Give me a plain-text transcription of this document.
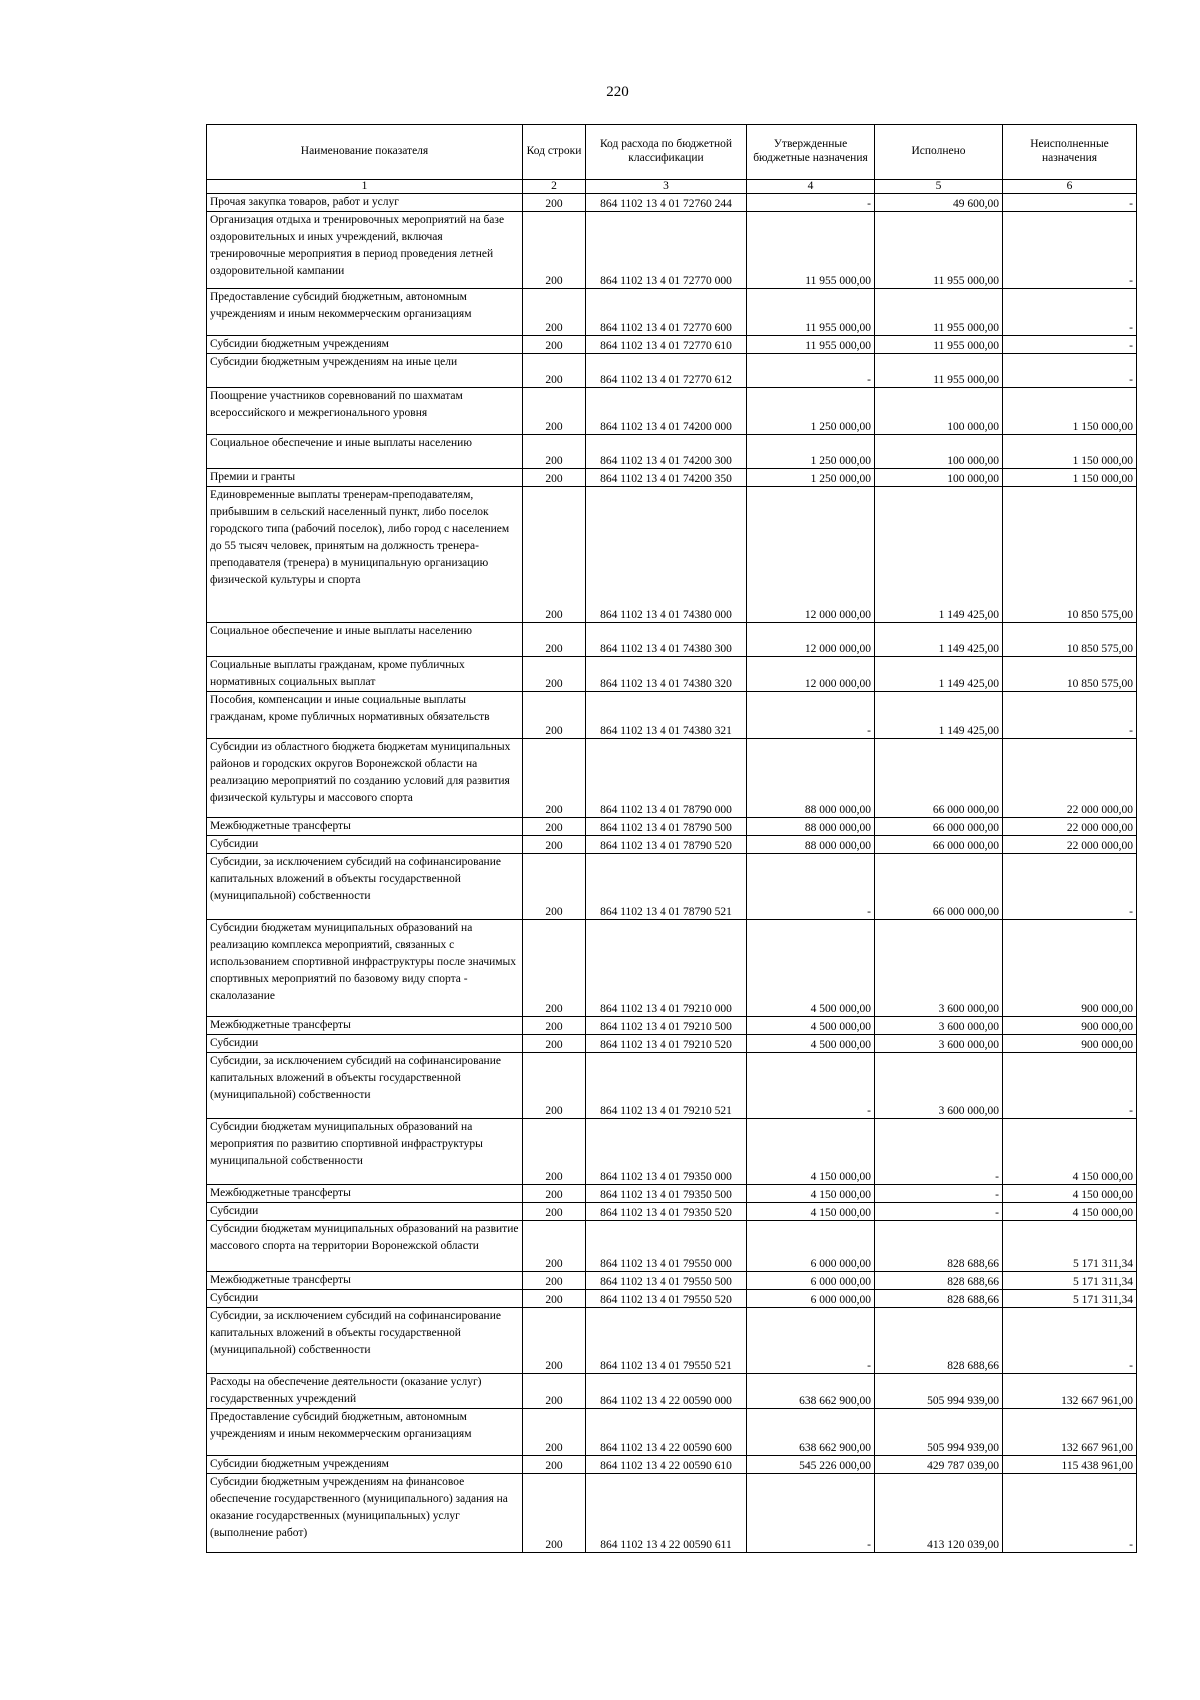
220
Наименование показателя	Код строки	Код расхода по бюджетной классификации	Утвержденные бюджетные назначения	Исполнено	Неисполненные назначения
1	2	3	4	5	6
Прочая закупка товаров, работ и услуг	200	864 1102 13 4 01 72760 244	-	49 600,00	-
Организация отдыха и тренировочных мероприятий на базе оздоровительных и иных учреждений, включая тренировочные мероприятия в период проведения летней оздоровительной кампании	200	864 1102 13 4 01 72770 000	11 955 000,00	11 955 000,00	-
Предоставление субсидий бюджетным, автономным учреждениям и иным некоммерческим организациям	200	864 1102 13 4 01 72770 600	11 955 000,00	11 955 000,00	-
Субсидии бюджетным учреждениям	200	864 1102 13 4 01 72770 610	11 955 000,00	11 955 000,00	-
Субсидии бюджетным учреждениям на иные цели	200	864 1102 13 4 01 72770 612	-	11 955 000,00	-
Поощрение участников соревнований по шахматам всероссийского и межрегионального уровня	200	864 1102 13 4 01 74200 000	1 250 000,00	100 000,00	1 150 000,00
Социальное обеспечение и иные выплаты населению	200	864 1102 13 4 01 74200 300	1 250 000,00	100 000,00	1 150 000,00
Премии и гранты	200	864 1102 13 4 01 74200 350	1 250 000,00	100 000,00	1 150 000,00
Единовременные выплаты тренерам-преподавателям, прибывшим в сельский населенный пункт, либо поселок городского типа (рабочий поселок), либо город с населением до 55 тысяч человек, принятым на должность тренера-преподавателя (тренера) в муниципальную организацию физической культуры и спорта	200	864 1102 13 4 01 74380 000	12 000 000,00	1 149 425,00	10 850 575,00
Социальное обеспечение и иные выплаты населению	200	864 1102 13 4 01 74380 300	12 000 000,00	1 149 425,00	10 850 575,00
Социальные выплаты гражданам, кроме публичных нормативных социальных выплат	200	864 1102 13 4 01 74380 320	12 000 000,00	1 149 425,00	10 850 575,00
Пособия, компенсации и иные социальные выплаты гражданам, кроме публичных нормативных обязательств	200	864 1102 13 4 01 74380 321	-	1 149 425,00	-
Субсидии из областного бюджета бюджетам муниципальных районов и городских округов Воронежской области на реализацию мероприятий по созданию условий для развития физической культуры и массового спорта	200	864 1102 13 4 01 78790 000	88 000 000,00	66 000 000,00	22 000 000,00
Межбюджетные трансферты	200	864 1102 13 4 01 78790 500	88 000 000,00	66 000 000,00	22 000 000,00
Субсидии	200	864 1102 13 4 01 78790 520	88 000 000,00	66 000 000,00	22 000 000,00
Субсидии, за исключением субсидий на софинансирование капитальных вложений в объекты государственной (муниципальной) собственности	200	864 1102 13 4 01 78790 521	-	66 000 000,00	-
Субсидии бюджетам муниципальных образований на реализацию комплекса мероприятий, связанных с использованием спортивной инфраструктуры после значимых спортивных мероприятий по базовому виду спорта - скалолазание	200	864 1102 13 4 01 79210 000	4 500 000,00	3 600 000,00	900 000,00
Межбюджетные трансферты	200	864 1102 13 4 01 79210 500	4 500 000,00	3 600 000,00	900 000,00
Субсидии	200	864 1102 13 4 01 79210 520	4 500 000,00	3 600 000,00	900 000,00
Субсидии, за исключением субсидий на софинансирование капитальных вложений в объекты государственной (муниципальной) собственности	200	864 1102 13 4 01 79210 521	-	3 600 000,00	-
Субсидии бюджетам муниципальных образований на мероприятия по развитию спортивной инфраструктуры муниципальной собственности	200	864 1102 13 4 01 79350 000	4 150 000,00	-	4 150 000,00
Межбюджетные трансферты	200	864 1102 13 4 01 79350 500	4 150 000,00	-	4 150 000,00
Субсидии	200	864 1102 13 4 01 79350 520	4 150 000,00	-	4 150 000,00
Субсидии бюджетам муниципальных образований на развитие массового спорта на территории Воронежской области	200	864 1102 13 4 01 79550 000	6 000 000,00	828 688,66	5 171 311,34
Межбюджетные трансферты	200	864 1102 13 4 01 79550 500	6 000 000,00	828 688,66	5 171 311,34
Субсидии	200	864 1102 13 4 01 79550 520	6 000 000,00	828 688,66	5 171 311,34
Субсидии, за исключением субсидий на софинансирование капитальных вложений в объекты государственной (муниципальной) собственности	200	864 1102 13 4 01 79550 521	-	828 688,66	-
Расходы на обеспечение деятельности (оказание услуг) государственных учреждений	200	864 1102 13 4 22 00590 000	638 662 900,00	505 994 939,00	132 667 961,00
Предоставление субсидий бюджетным, автономным учреждениям и иным некоммерческим организациям	200	864 1102 13 4 22 00590 600	638 662 900,00	505 994 939,00	132 667 961,00
Субсидии бюджетным учреждениям	200	864 1102 13 4 22 00590 610	545 226 000,00	429 787 039,00	115 438 961,00
Субсидии бюджетным учреждениям на финансовое обеспечение государственного (муниципального) задания на оказание государственных (муниципальных) услуг (выполнение работ)	200	864 1102 13 4 22 00590 611	-	413 120 039,00	-
